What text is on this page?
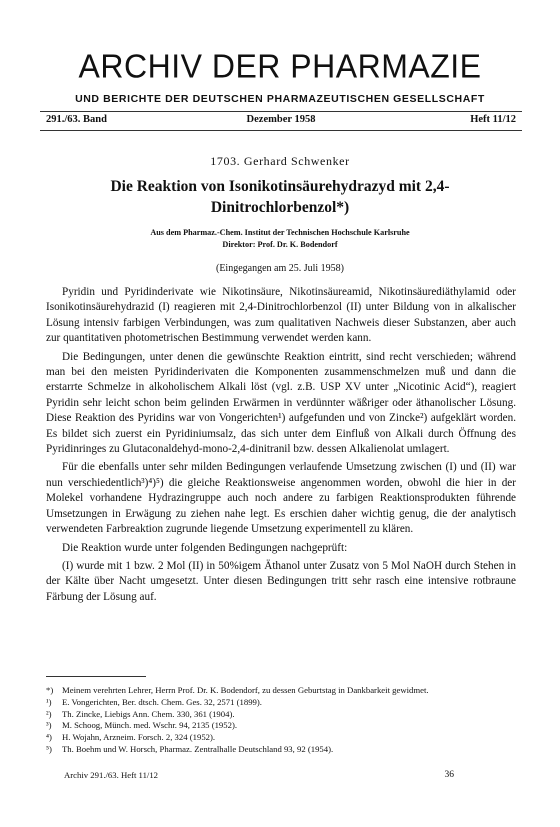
ARCHIV DER PHARMAZIE
UND BERICHTE DER DEUTSCHEN PHARMAZEUTISCHEN GESELLSCHAFT
291./63. Band	Dezember 1958	Heft 11/12
1703. Gerhard Schwenker
Die Reaktion von Isonikotinsäurehydrazyd mit 2,4-Dinitrochlorbenzol*)
Aus dem Pharmaz.-Chem. Institut der Technischen Hochschule Karlsruhe
Direktor: Prof. Dr. K. Bodendorf
(Eingegangen am 25. Juli 1958)

Pyridin und Pyridinderivate wie Nikotinsäure, Nikotinsäureamid, Nikotinsäurediäthylamid oder Isonikotinsäurehydrazid (I) reagieren mit 2,4-Dinitrochlorbenzol (II) unter Bildung von in alkalischer Lösung intensiv farbigen Verbindungen, was zum qualitativen Nachweis dieser Substanzen, aber auch zur quantitativen photometrischen Bestimmung verwendet werden kann.

Die Bedingungen, unter denen die gewünschte Reaktion eintritt, sind recht verschieden; während man bei den meisten Pyridinderivaten die Komponenten zusammenschmelzen muß und dann die erstarrte Schmelze in alkoholischem Alkali löst (vgl. z.B. USP XV unter „Nicotinic Acid“), reagiert Pyridin sehr leicht schon beim gelinden Erwärmen in verdünnter wäßriger oder äthanolischer Lösung. Diese Reaktion des Pyridins war von Vongerichten¹) aufgefunden und von Zincke²) aufgeklärt worden. Es bildet sich zuerst ein Pyridiniumsalz, das sich unter dem Einfluß von Alkali durch Öffnung des Pyridinringes zu Glutaconaldehyd-mono-2,4-dinitranil bzw. dessen Alkalienolat umlagert.

Für die ebenfalls unter sehr milden Bedingungen verlaufende Umsetzung zwischen (I) und (II) war nun verschiedentlich³)⁴)⁵) die gleiche Reaktionsweise angenommen worden, obwohl die hier in der Molekel vorhandene Hydrazingruppe auch noch andere zu farbigen Reaktionsprodukten führende Umsetzungen in Erwägung zu ziehen nahe legt. Es erschien daher wichtig genug, die der analytisch verwendeten Farbreaktion zugrunde liegende Umsetzung experimentell zu klären.

Die Reaktion wurde unter folgenden Bedingungen nachgeprüft:

(I) wurde mit 1 bzw. 2 Mol (II) in 50%igem Äthanol unter Zusatz von 5 Mol NaOH durch Stehen in der Kälte über Nacht umgesetzt. Unter diesen Bedingungen tritt sehr rasch eine intensive rotbraune Färbung der Lösung auf.

*)	Meinem verehrten Lehrer, Herrn Prof. Dr. K. Bodendorf, zu dessen Geburtstag in Dankbarkeit gewidmet.
¹)	E. Vongerichten, Ber. dtsch. Chem. Ges. 32, 2571 (1899).
²)	Th. Zincke, Liebigs Ann. Chem. 330, 361 (1904).
³)	M. Schoog, Münch. med. Wschr. 94, 2135 (1952).
⁴)	H. Wojahn, Arzneim. Forsch. 2, 324 (1952).
⁵)	Th. Boehm und W. Horsch, Pharmaz. Zentralhalle Deutschland 93, 92 (1954).
Archiv 291./63. Heft 11/12	36
